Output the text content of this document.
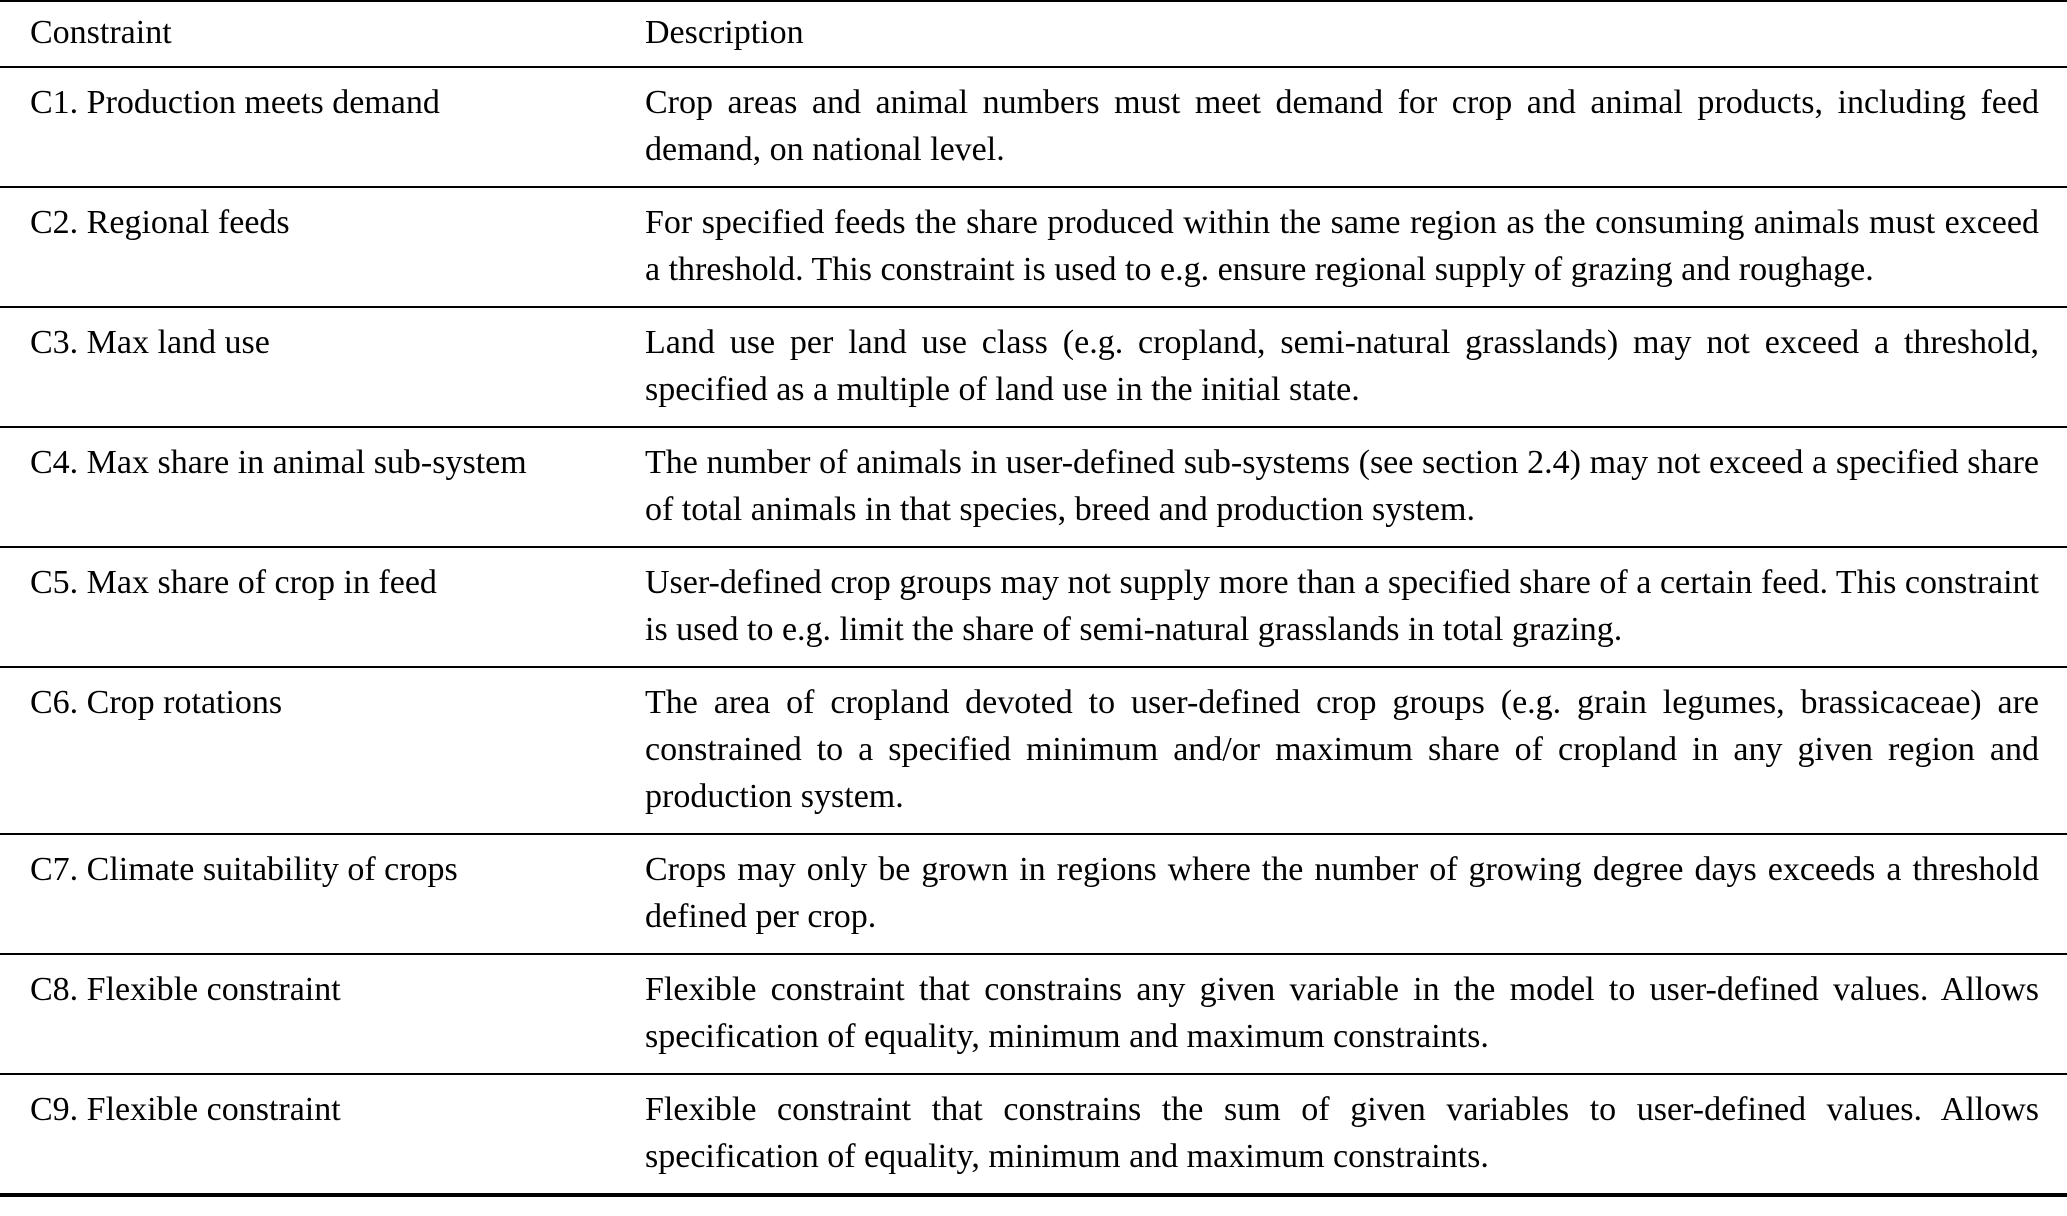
Constraint	Description
C1. Production meets demand	Crop areas and animal numbers must meet demand for crop and animal products, including feed demand, on national level.
C2. Regional feeds	For specified feeds the share produced within the same region as the consuming animals must exceed a threshold. This constraint is used to e.g. ensure regional supply of grazing and roughage.
C3. Max land use	Land use per land use class (e.g. cropland, semi-natural grasslands) may not exceed a threshold, specified as a multiple of land use in the initial state.
C4. Max share in animal sub-system	The number of animals in user-defined sub-systems (see section 2.4) may not exceed a specified share of total animals in that species, breed and production system.
C5. Max share of crop in feed	User-defined crop groups may not supply more than a specified share of a certain feed. This constraint is used to e.g. limit the share of semi-natural grasslands in total grazing.
C6. Crop rotations	The area of cropland devoted to user-defined crop groups (e.g. grain legumes, brassicaceae) are constrained to a specified minimum and/or maximum share of cropland in any given region and production system.
C7. Climate suitability of crops	Crops may only be grown in regions where the number of growing degree days exceeds a threshold defined per crop.
C8. Flexible constraint	Flexible constraint that constrains any given variable in the model to user-defined values. Allows specification of equality, minimum and maximum constraints.
C9. Flexible constraint	Flexible constraint that constrains the sum of given variables to user-defined values. Allows specification of equality, minimum and maximum constraints.
